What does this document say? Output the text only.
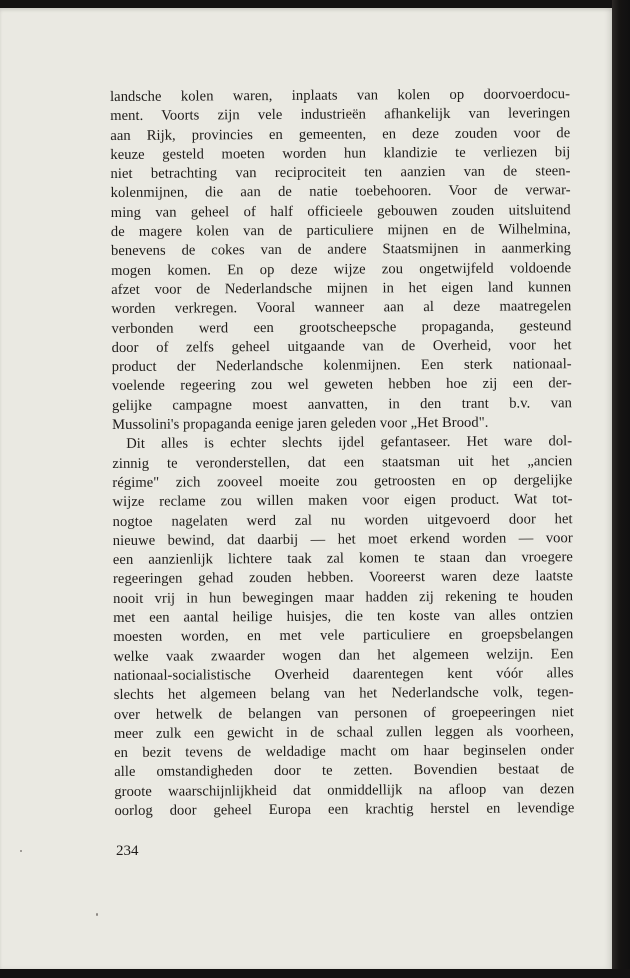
landsche kolen waren, inplaats van kolen op doorvoerdocu-
ment. Voorts zijn vele industrieën afhankelijk van leveringen
aan Rijk, provincies en gemeenten, en deze zouden voor de
keuze gesteld moeten worden hun klandizie te verliezen bij
niet betrachting van reciprociteit ten aanzien van de steen-
kolenmijnen, die aan de natie toebehooren. Voor de verwar-
ming van geheel of half officieele gebouwen zouden uitsluitend
de magere kolen van de particuliere mijnen en de Wilhelmina,
benevens de cokes van de andere Staatsmijnen in aanmerking
mogen komen. En op deze wijze zou ongetwijfeld voldoende
afzet voor de Nederlandsche mijnen in het eigen land kunnen
worden verkregen. Vooral wanneer aan al deze maatregelen
verbonden werd een grootscheepsche propaganda, gesteund
door of zelfs geheel uitgaande van de Overheid, voor het
product der Nederlandsche kolenmijnen. Een sterk nationaal-
voelende regeering zou wel geweten hebben hoe zij een der-
gelijke campagne moest aanvatten, in den trant b.v. van
Mussolini's propaganda eenige jaren geleden voor „Het Brood".
Dit alles is echter slechts ijdel gefantaseer. Het ware dol-
zinnig te veronderstellen, dat een staatsman uit het „ancien
régime" zich zooveel moeite zou getroosten en op dergelijke
wijze reclame zou willen maken voor eigen product. Wat tot-
nogtoe nagelaten werd zal nu worden uitgevoerd door het
nieuwe bewind, dat daarbij — het moet erkend worden — voor
een aanzienlijk lichtere taak zal komen te staan dan vroegere
regeeringen gehad zouden hebben. Vooreerst waren deze laatste
nooit vrij in hun bewegingen maar hadden zij rekening te houden
met een aantal heilige huisjes, die ten koste van alles ontzien
moesten worden, en met vele particuliere en groepsbelangen
welke vaak zwaarder wogen dan het algemeen welzijn. Een
nationaal-socialistische Overheid daarentegen kent vóór alles
slechts het algemeen belang van het Nederlandsche volk, tegen-
over hetwelk de belangen van personen of groepeeringen niet
meer zulk een gewicht in de schaal zullen leggen als voorheen,
en bezit tevens de weldadige macht om haar beginselen onder
alle omstandigheden door te zetten. Bovendien bestaat de
groote waarschijnlijkheid dat onmiddellijk na afloop van dezen
oorlog door geheel Europa een krachtig herstel en levendige
234
